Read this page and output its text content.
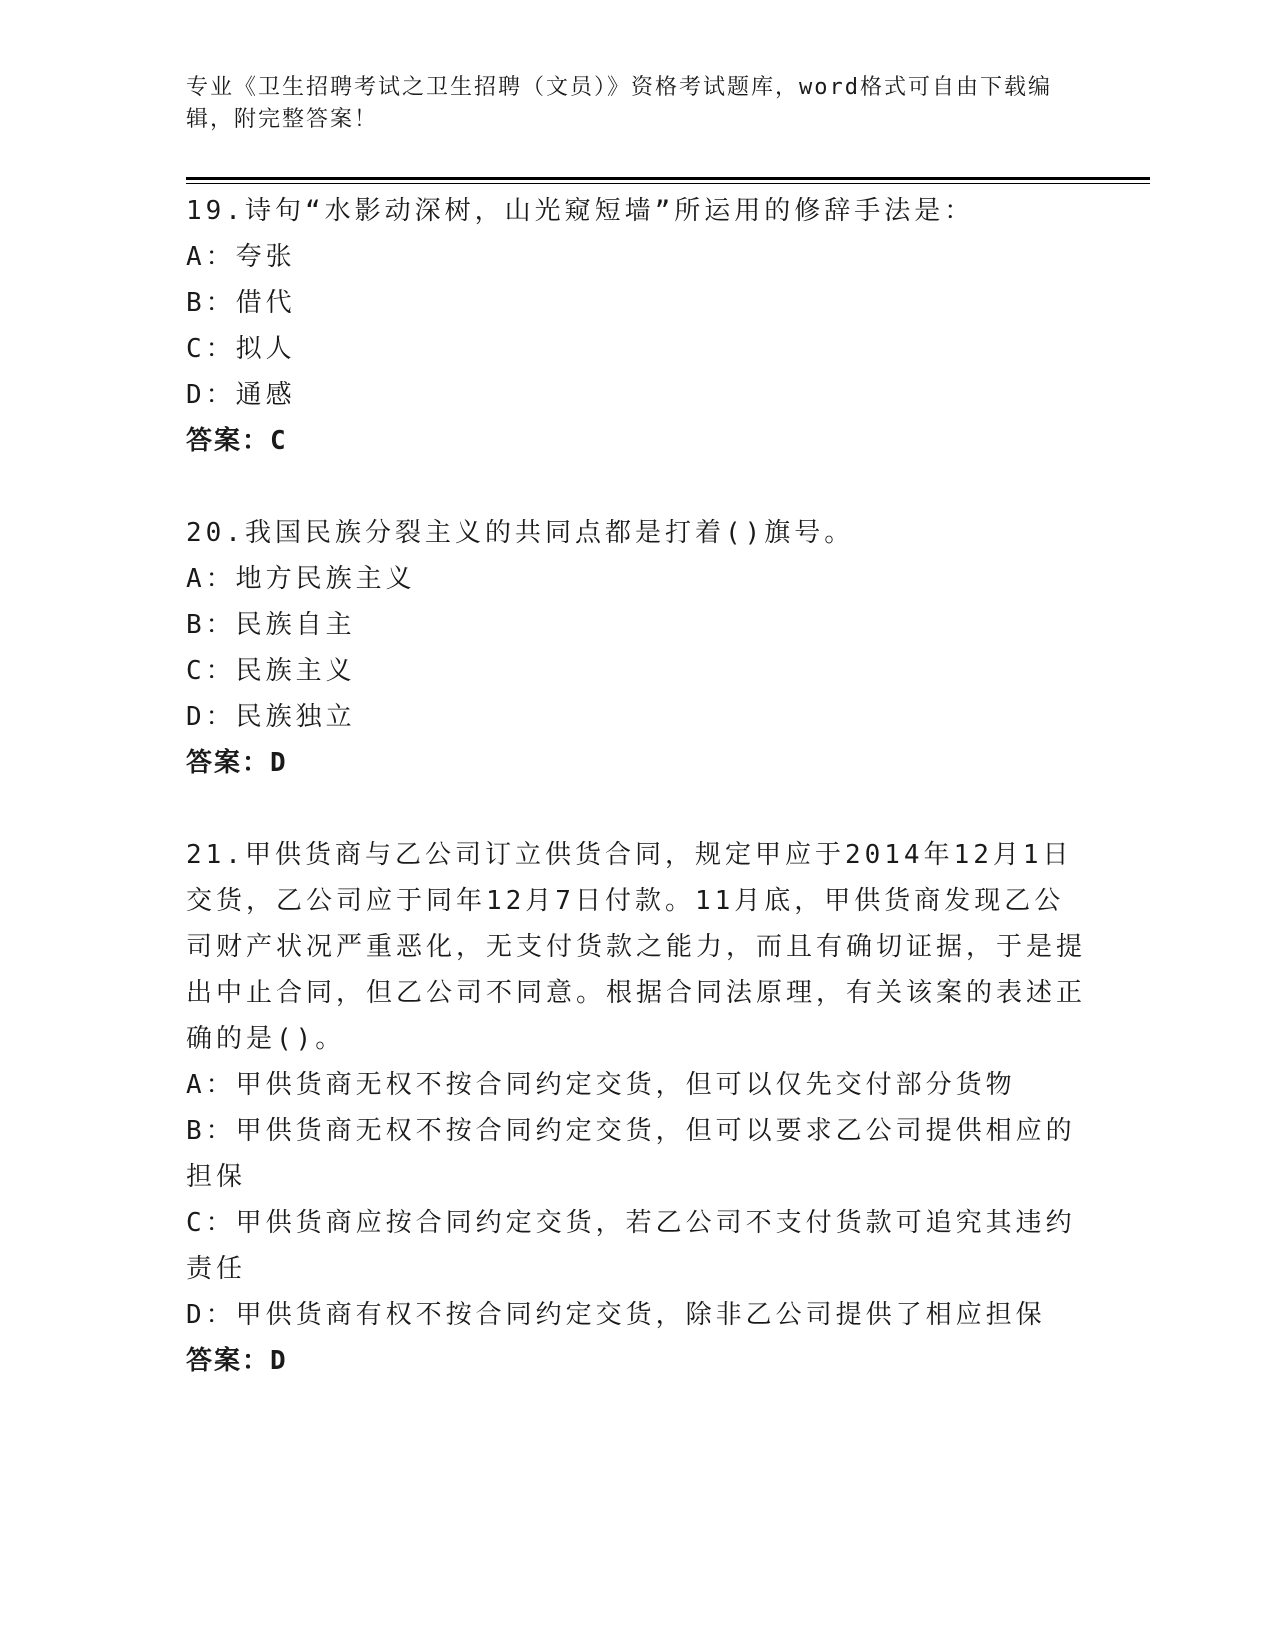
专业《卫生招聘考试之卫生招聘（文员）》资格考试题库，word格式可自由下载编辑，附完整答案！

19.诗句“水影动深树，山光窥短墙”所运用的修辞手法是：

A：夸张

B：借代

C：拟人

D：通感

答案：C

20.我国民族分裂主义的共同点都是打着()旗号。

A：地方民族主义

B：民族自主

C：民族主义

D：民族独立

答案：D

21.甲供货商与乙公司订立供货合同，规定甲应于2014年12月1日交货，乙公司应于同年12月7日付款。11月底，甲供货商发现乙公司财产状况严重恶化，无支付货款之能力，而且有确切证据，于是提出中止合同，但乙公司不同意。根据合同法原理，有关该案的表述正确的是()。

A：甲供货商无权不按合同约定交货，但可以仅先交付部分货物

B：甲供货商无权不按合同约定交货，但可以要求乙公司提供相应的担保

C：甲供货商应按合同约定交货，若乙公司不支付货款可追究其违约责任

D：甲供货商有权不按合同约定交货，除非乙公司提供了相应担保

答案：D
